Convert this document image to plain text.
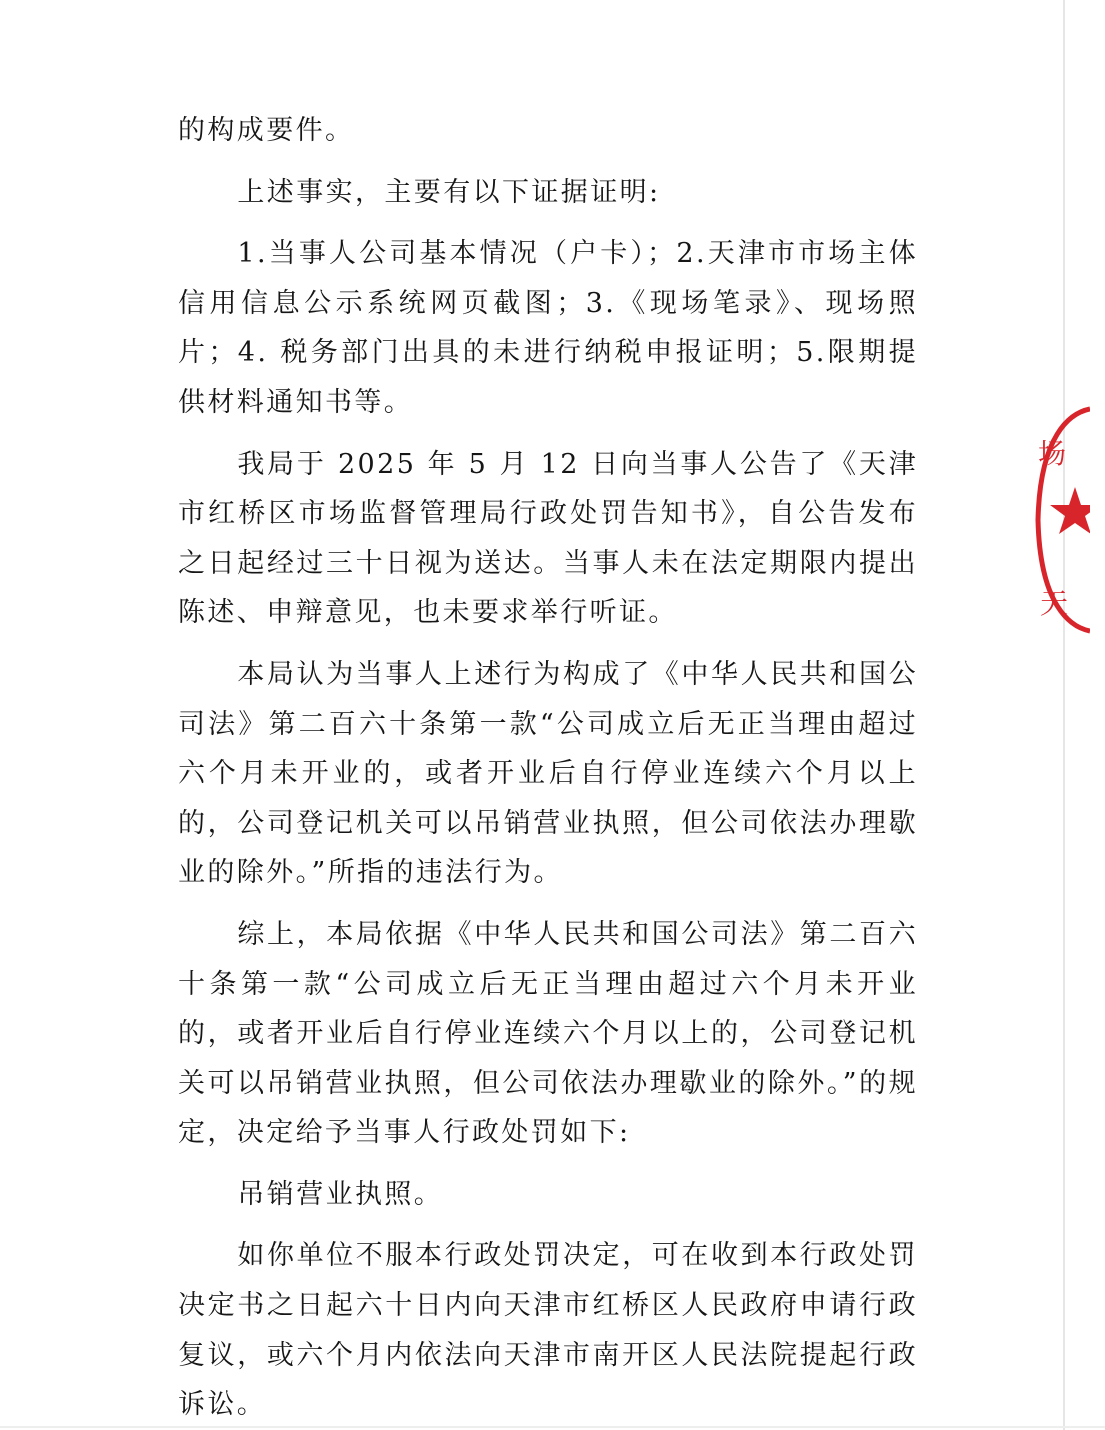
的构成要件。

上述事实，主要有以下证据证明:

1.当事人公司基本情况（户卡）；2.天津市市场主体信用信息公示系统网页截图；3.《现场笔录》、现场照片；4. 税务部门出具的未进行纳税申报证明；5.限期提供材料通知书等。

我局于 2025 年 5 月 12 日向当事人公告了《天津市红桥区市场监督管理局行政处罚告知书》，自公告发布之日起经过三十日视为送达。当事人未在法定期限内提出陈述、申辩意见，也未要求举行听证。

本局认为当事人上述行为构成了《中华人民共和国公司法》第二百六十条第一款“公司成立后无正当理由超过六个月未开业的，或者开业后自行停业连续六个月以上的，公司登记机关可以吊销营业执照，但公司依法办理歇业的除外。”所指的违法行为。

综上，本局依据《中华人民共和国公司法》第二百六十条第一款“公司成立后无正当理由超过六个月未开业的，或者开业后自行停业连续六个月以上的，公司登记机关可以吊销营业执照，但公司依法办理歇业的除外。”的规定，决定给予当事人行政处罚如下:

吊销营业执照。

如你单位不服本行政处罚决定，可在收到本行政处罚决定书之日起六十日内向天津市红桥区人民政府申请行政复议，或六个月内依法向天津市南开区人民法院提起行政诉讼。

场
天
